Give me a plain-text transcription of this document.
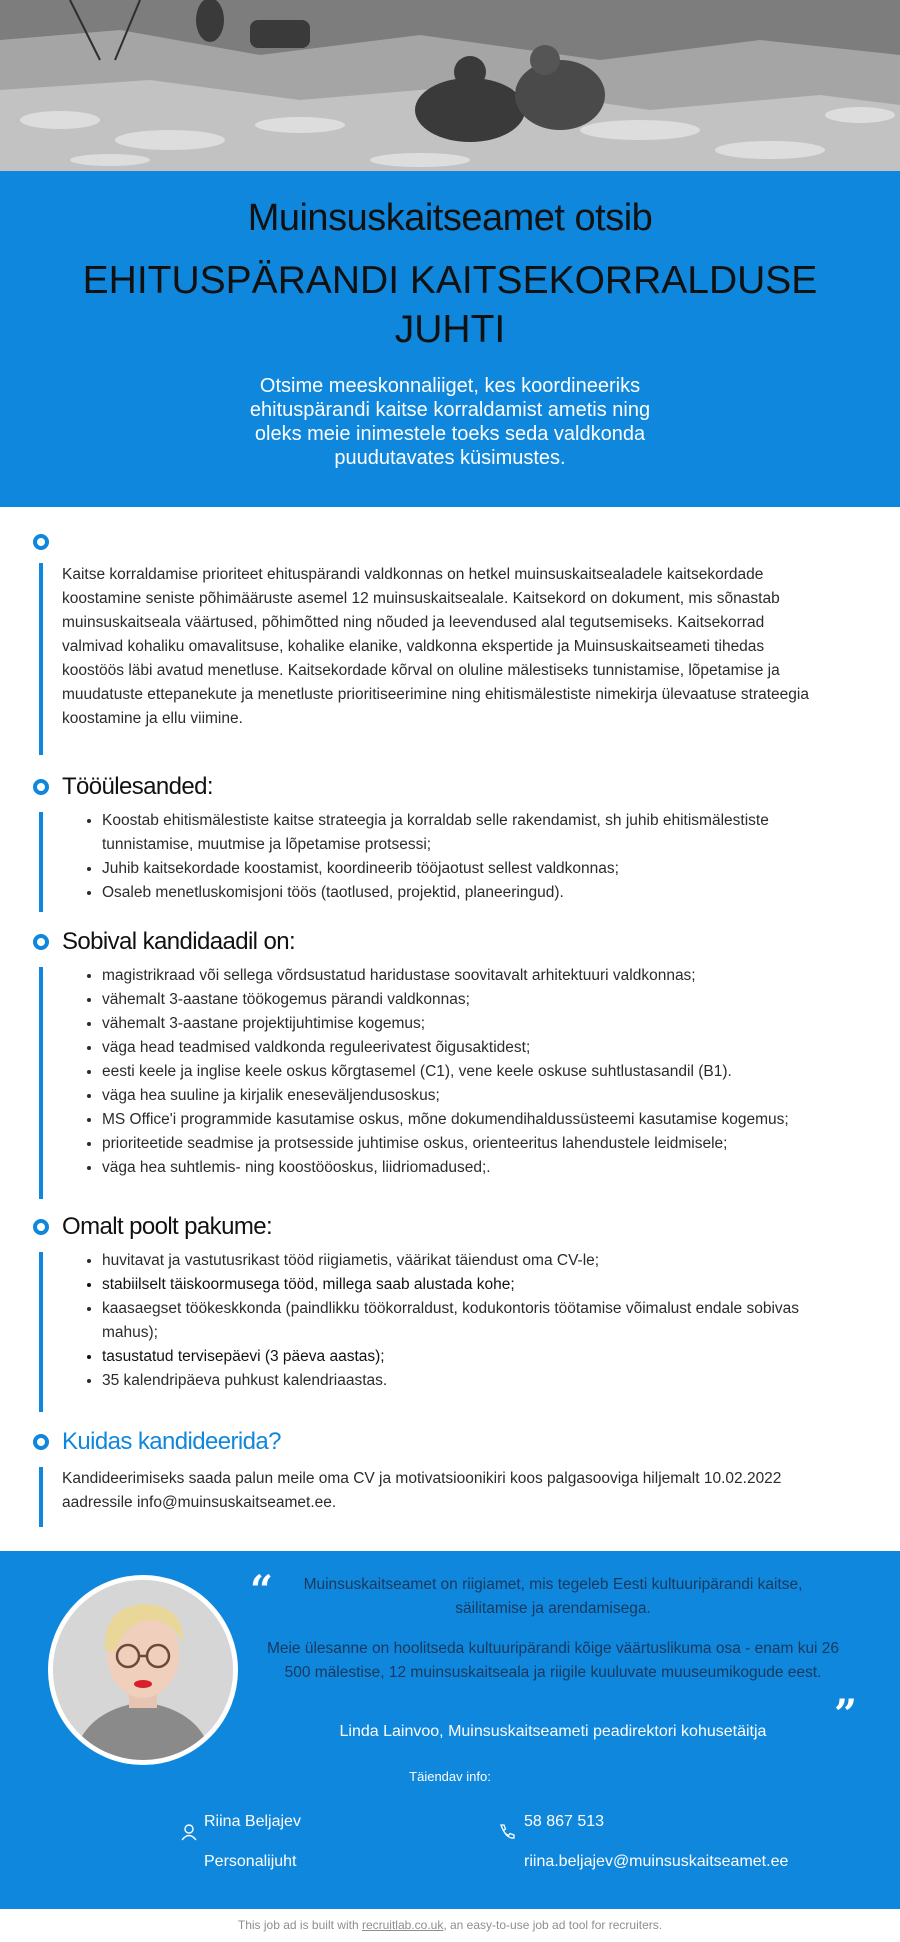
Muinsuskaitseamet otsib
EHITUSPÄRANDI KAITSEKORRALDUSE JUHTI
Otsime meeskonnaliiget, kes koordineeriks ehituspärandi kaitse korraldamist ametis ning oleks meie inimestele toeks seda valdkonda puudutavates küsimustes.

Kaitse korraldamise prioriteet ehituspärandi valdkonnas on hetkel muinsuskaitsealadele kaitsekordade koostamine seniste põhimääruste asemel 12 muinsuskaitsealale. Kaitsekord on dokument, mis sõnastab muinsuskaitseala väärtused, põhimõtted ning nõuded ja leevendused alal tegutsemiseks. Kaitsekorrad valmivad kohaliku omavalitsuse, kohalike elanike, valdkonna ekspertide ja Muinsuskaitseameti tihedas koostöös läbi avatud menetluse. Kaitsekordade kõrval on oluline mälestiseks tunnistamise, lõpetamise ja muudatuste ettepanekute ja menetluste prioritiseerimine ning ehitismälestiste nimekirja ülevaatuse strateegia koostamine ja ellu viimine.

Tööülesanded:
• Koostab ehitismälestiste kaitse strateegia ja korraldab selle rakendamist, sh juhib ehitismälestiste tunnistamise, muutmise ja lõpetamise protsessi;
• Juhib kaitsekordade koostamist, koordineerib tööjaotust sellest valdkonnas;
• Osaleb menetluskomisjoni töös (taotlused, projektid, planeeringud).
Sobival kandidaadil on:
• magistrikraad või sellega võrdsustatud haridustase soovitavalt arhitektuuri valdkonnas;
• vähemalt 3-aastane töökogemus pärandi valdkonnas;
• vähemalt 3-aastane projektijuhtimise kogemus;
• väga head teadmised valdkonda reguleerivatest õigusaktidest;
• eesti keele ja inglise keele oskus kõrgtasemel (C1), vene keele oskuse suhtlustasandil (B1).
• väga hea suuline ja kirjalik eneseväljendusoskus;
• MS Office'i programmide kasutamise oskus, mõne dokumendihaldussüsteemi kasutamise kogemus;
• prioriteetide seadmise ja protsesside juhtimise oskus, orienteeritus lahendustele leidmisele;
• väga hea suhtlemis- ning koostööoskus, liidriomadused;.
Omalt poolt pakume:
• huvitavat ja vastutusrikast tööd riigiametis, väärikat täiendust oma CV-le;
• stabiilselt täiskoormusega tööd, millega saab alustada kohe;
• kaasaegset töökeskkonda (paindlikku töökorraldust, kodukontoris töötamise võimalust endale sobivas mahus);
• tasustatud tervisepäevi (3 päeva aastas);
• 35 kalendripäeva puhkust kalendriaastas.
Kuidas kandideerida?

Kandideerimiseks saada palun meile oma CV ja motivatsioonikiri koos palgasooviga hiljemalt 10.02.2022 aadressile info@muinsuskaitseamet.ee.

“
”

Muinsuskaitseamet on riigiamet, mis tegeleb Eesti kultuuripärandi kaitse, säilitamise ja arendamisega.

Meie ülesanne on hoolitseda kultuuripärandi kõige väärtuslikuma osa - enam kui 26 500 mälestise, 12 muinsuskaitseala ja riigile kuuluvate muuseumikogude eest.

Linda Lainvoo, Muinsuskaitseameti peadirektori kohusetäitja
Täiendav info:
Riina Beljajev
Personalijuht
58 867 513
riina.beljajev@muinsuskaitseamet.ee
This job ad is built with recruitlab.co.uk, an easy-to-use job ad tool for recruiters.
